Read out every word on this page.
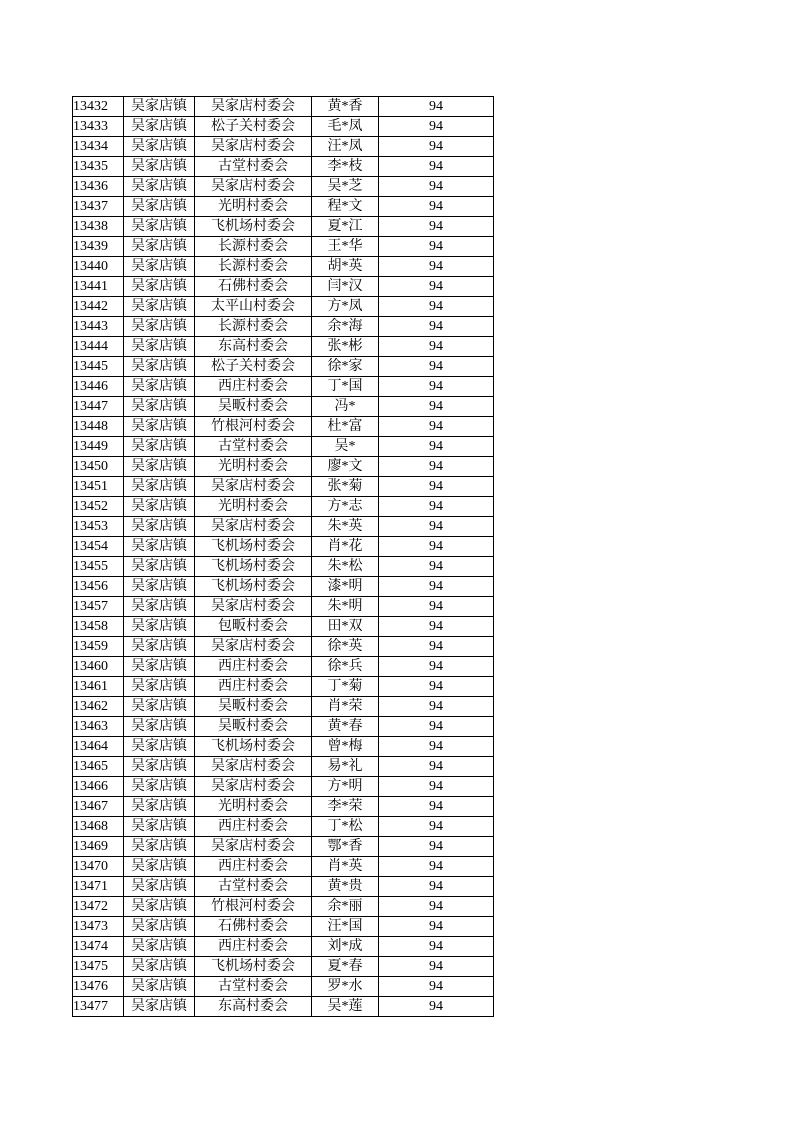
13432	吴家店镇	吴家店村委会	黄*香	94
13433	吴家店镇	松子关村委会	毛*凤	94
13434	吴家店镇	吴家店村委会	汪*凤	94
13435	吴家店镇	古堂村委会	李*枝	94
13436	吴家店镇	吴家店村委会	吴*芝	94
13437	吴家店镇	光明村委会	程*文	94
13438	吴家店镇	飞机场村委会	夏*江	94
13439	吴家店镇	长源村委会	王*华	94
13440	吴家店镇	长源村委会	胡*英	94
13441	吴家店镇	石佛村委会	闫*汉	94
13442	吴家店镇	太平山村委会	方*凤	94
13443	吴家店镇	长源村委会	余*海	94
13444	吴家店镇	东高村委会	张*彬	94
13445	吴家店镇	松子关村委会	徐*家	94
13446	吴家店镇	西庄村委会	丁*国	94
13447	吴家店镇	吴畈村委会	冯*	94
13448	吴家店镇	竹根河村委会	杜*富	94
13449	吴家店镇	古堂村委会	吴*	94
13450	吴家店镇	光明村委会	廖*文	94
13451	吴家店镇	吴家店村委会	张*菊	94
13452	吴家店镇	光明村委会	方*志	94
13453	吴家店镇	吴家店村委会	朱*英	94
13454	吴家店镇	飞机场村委会	肖*花	94
13455	吴家店镇	飞机场村委会	朱*松	94
13456	吴家店镇	飞机场村委会	漆*明	94
13457	吴家店镇	吴家店村委会	朱*明	94
13458	吴家店镇	包畈村委会	田*双	94
13459	吴家店镇	吴家店村委会	徐*英	94
13460	吴家店镇	西庄村委会	徐*兵	94
13461	吴家店镇	西庄村委会	丁*菊	94
13462	吴家店镇	吴畈村委会	肖*荣	94
13463	吴家店镇	吴畈村委会	黄*春	94
13464	吴家店镇	飞机场村委会	曾*梅	94
13465	吴家店镇	吴家店村委会	易*礼	94
13466	吴家店镇	吴家店村委会	方*明	94
13467	吴家店镇	光明村委会	李*荣	94
13468	吴家店镇	西庄村委会	丁*松	94
13469	吴家店镇	吴家店村委会	鄂*香	94
13470	吴家店镇	西庄村委会	肖*英	94
13471	吴家店镇	古堂村委会	黄*贵	94
13472	吴家店镇	竹根河村委会	余*丽	94
13473	吴家店镇	石佛村委会	汪*国	94
13474	吴家店镇	西庄村委会	刘*成	94
13475	吴家店镇	飞机场村委会	夏*春	94
13476	吴家店镇	古堂村委会	罗*水	94
13477	吴家店镇	东高村委会	吴*莲	94
